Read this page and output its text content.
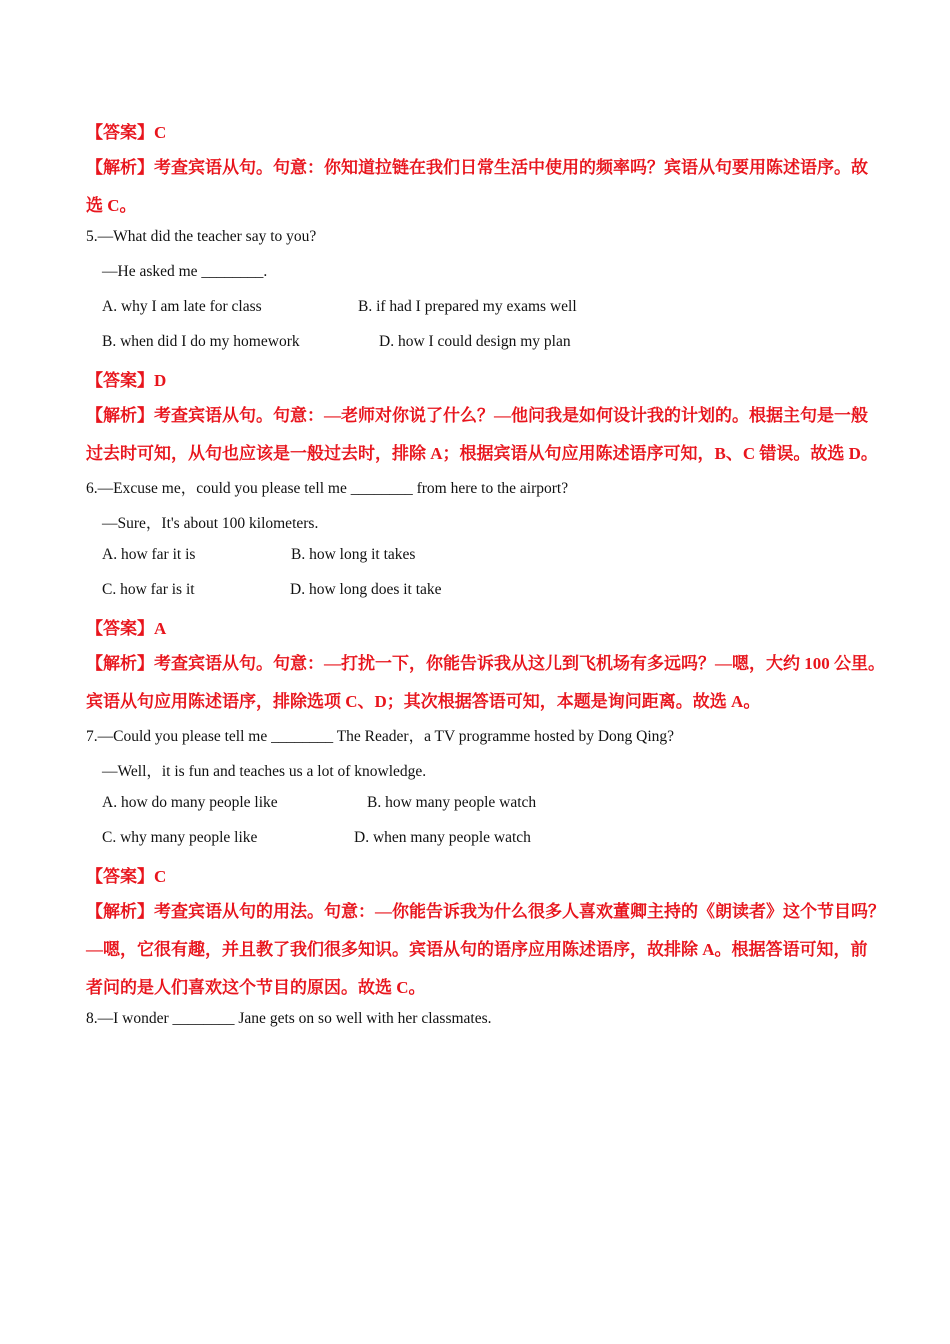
【答案】C
【解析】考查宾语从句。句意：你知道拉链在我们日常生活中使用的频率吗？宾语从句要用陈述语序。故
选 C。
5.—What did the teacher say to you?
—He asked me ________.
A. why I am late for class	B. if had I prepared my exams well
B. when did I do my homework	D. how I could design my plan
【答案】D
【解析】考查宾语从句。句意：—老师对你说了什么？—他问我是如何设计我的计划的。根据主句是一般
过去时可知，从句也应该是一般过去时，排除 A；根据宾语从句应用陈述语序可知，B、C 错误。故选 D。
6.—Excuse me，could you please tell me ________ from here to the airport?
—Sure，It's about 100 kilometers.
A. how far it is	B. how long it takes
C. how far is it	D. how long does it take
【答案】A
【解析】考查宾语从句。句意：—打扰一下，你能告诉我从这儿到飞机场有多远吗？—嗯，大约 100 公里。
宾语从句应用陈述语序，排除选项 C、D；其次根据答语可知，本题是询问距离。故选 A。
7.—Could you please tell me ________ The Reader，a TV programme hosted by Dong Qing?
—Well，it is fun and teaches us a lot of knowledge.
A. how do many people like	B. how many people watch
C. why many people like	D. when many people watch
【答案】C
【解析】考查宾语从句的用法。句意：—你能告诉我为什么很多人喜欢董卿主持的《朗读者》这个节目吗？
—嗯，它很有趣，并且教了我们很多知识。宾语从句的语序应用陈述语序，故排除 A。根据答语可知，前
者问的是人们喜欢这个节目的原因。故选 C。
8.—I wonder ________ Jane gets on so well with her classmates.
